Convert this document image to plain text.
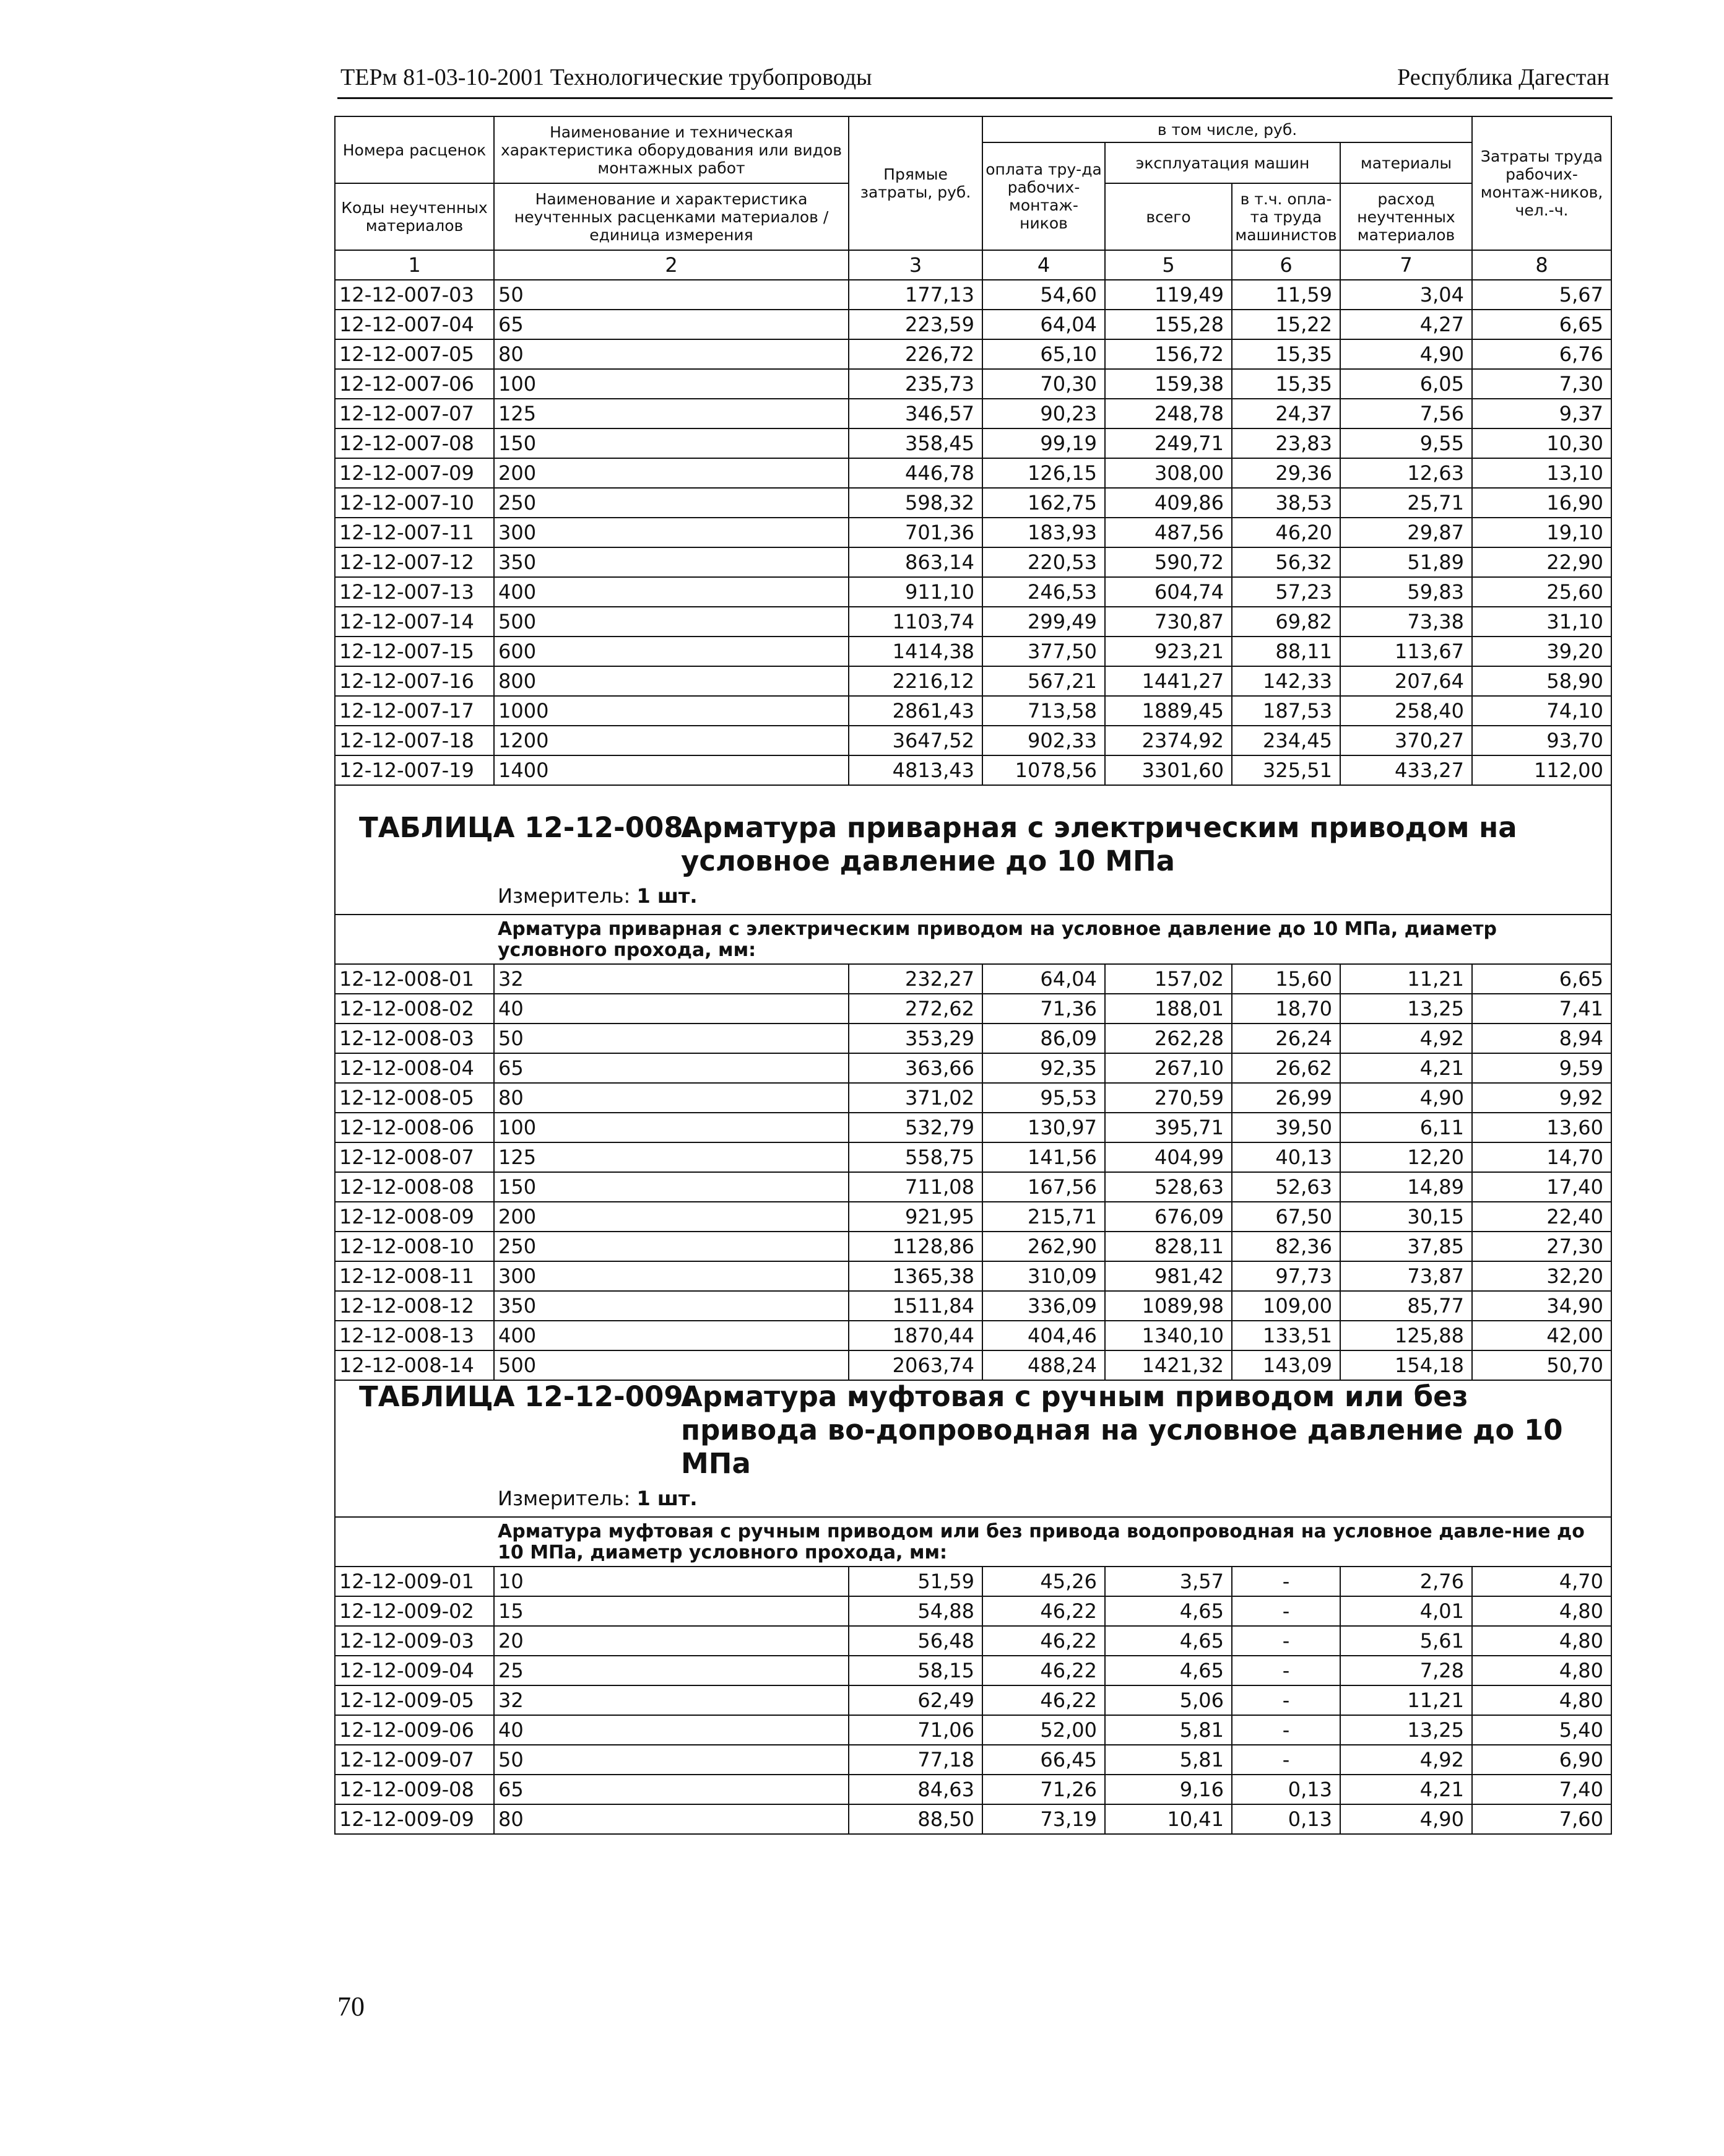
ТЕРм 81-03-10-2001 Технологические трубопроводы	Республика Дагестан
Номера расценок	Наименование и техническая характеристика оборудования или видов монтажных работ	Прямые затраты, руб.	в том числе, руб.				Затраты труда рабочих-монтаж-ников, чел.-ч.
			оплата тру-да рабочих-монтаж-ников	эксплуатация машин		материалы	
Коды неучтенных материалов	Наименование и характеристика неучтенных расценками материалов / единица измерения			всего	в т.ч. опла-та труда машинистов	расход неучтенных материалов	

1	2	3	4	5	6	7	8
12-12-007-03	50	177,13	54,60	119,49	11,59	3,04	5,67
12-12-007-04	65	223,59	64,04	155,28	15,22	4,27	6,65
12-12-007-05	80	226,72	65,10	156,72	15,35	4,90	6,76
12-12-007-06	100	235,73	70,30	159,38	15,35	6,05	7,30
12-12-007-07	125	346,57	90,23	248,78	24,37	7,56	9,37
12-12-007-08	150	358,45	99,19	249,71	23,83	9,55	10,30
12-12-007-09	200	446,78	126,15	308,00	29,36	12,63	13,10
12-12-007-10	250	598,32	162,75	409,86	38,53	25,71	16,90
12-12-007-11	300	701,36	183,93	487,56	46,20	29,87	19,10
12-12-007-12	350	863,14	220,53	590,72	56,32	51,89	22,90
12-12-007-13	400	911,10	246,53	604,74	57,23	59,83	25,60
12-12-007-14	500	1103,74	299,49	730,87	69,82	73,38	31,10
12-12-007-15	600	1414,38	377,50	923,21	88,11	113,67	39,20
12-12-007-16	800	2216,12	567,21	1441,27	142,33	207,64	58,90
12-12-007-17	1000	2861,43	713,58	1889,45	187,53	258,40	74,10
12-12-007-18	1200	3647,52	902,33	2374,92	234,45	370,27	93,70
12-12-007-19	1400	4813,43	1078,56	3301,60	325,51	433,27	112,00

ТАБЛИЦА 12-12-008.
Арматура приварная с электрическим приводом на условное давление до 10 МПа							

Измеритель: 1 шт.							
Арматура приварная с электрическим приводом на условное давление до 10 МПа, диаметр условного прохода, мм:							
12-12-008-01	32	232,27	64,04	157,02	15,60	11,21	6,65
12-12-008-02	40	272,62	71,36	188,01	18,70	13,25	7,41
12-12-008-03	50	353,29	86,09	262,28	26,24	4,92	8,94
12-12-008-04	65	363,66	92,35	267,10	26,62	4,21	9,59
12-12-008-05	80	371,02	95,53	270,59	26,99	4,90	9,92
12-12-008-06	100	532,79	130,97	395,71	39,50	6,11	13,60
12-12-008-07	125	558,75	141,56	404,99	40,13	12,20	14,70
12-12-008-08	150	711,08	167,56	528,63	52,63	14,89	17,40
12-12-008-09	200	921,95	215,71	676,09	67,50	30,15	22,40
12-12-008-10	250	1128,86	262,90	828,11	82,36	37,85	27,30
12-12-008-11	300	1365,38	310,09	981,42	97,73	73,87	32,20
12-12-008-12	350	1511,84	336,09	1089,98	109,00	85,77	34,90
12-12-008-13	400	1870,44	404,46	1340,10	133,51	125,88	42,00
12-12-008-14	500	2063,74	488,24	1421,32	143,09	154,18	50,70

ТАБЛИЦА 12-12-009.
Арматура муфтовая с ручным приводом или без привода во-допроводная на условное давление до 10 МПа							

Измеритель: 1 шт.							
Арматура муфтовая с ручным приводом или без привода водопроводная на условное давле-ние до 10 МПа, диаметр условного прохода, мм:							
12-12-009-01	10	51,59	45,26	3,57	-	2,76	4,70
12-12-009-02	15	54,88	46,22	4,65	-	4,01	4,80
12-12-009-03	20	56,48	46,22	4,65	-	5,61	4,80
12-12-009-04	25	58,15	46,22	4,65	-	7,28	4,80
12-12-009-05	32	62,49	46,22	5,06	-	11,21	4,80
12-12-009-06	40	71,06	52,00	5,81	-	13,25	5,40
12-12-009-07	50	77,18	66,45	5,81	-	4,92	6,90
12-12-009-08	65	84,63	71,26	9,16	0,13	4,21	7,40
12-12-009-09	80	88,50	73,19	10,41	0,13	4,90	7,60
70
